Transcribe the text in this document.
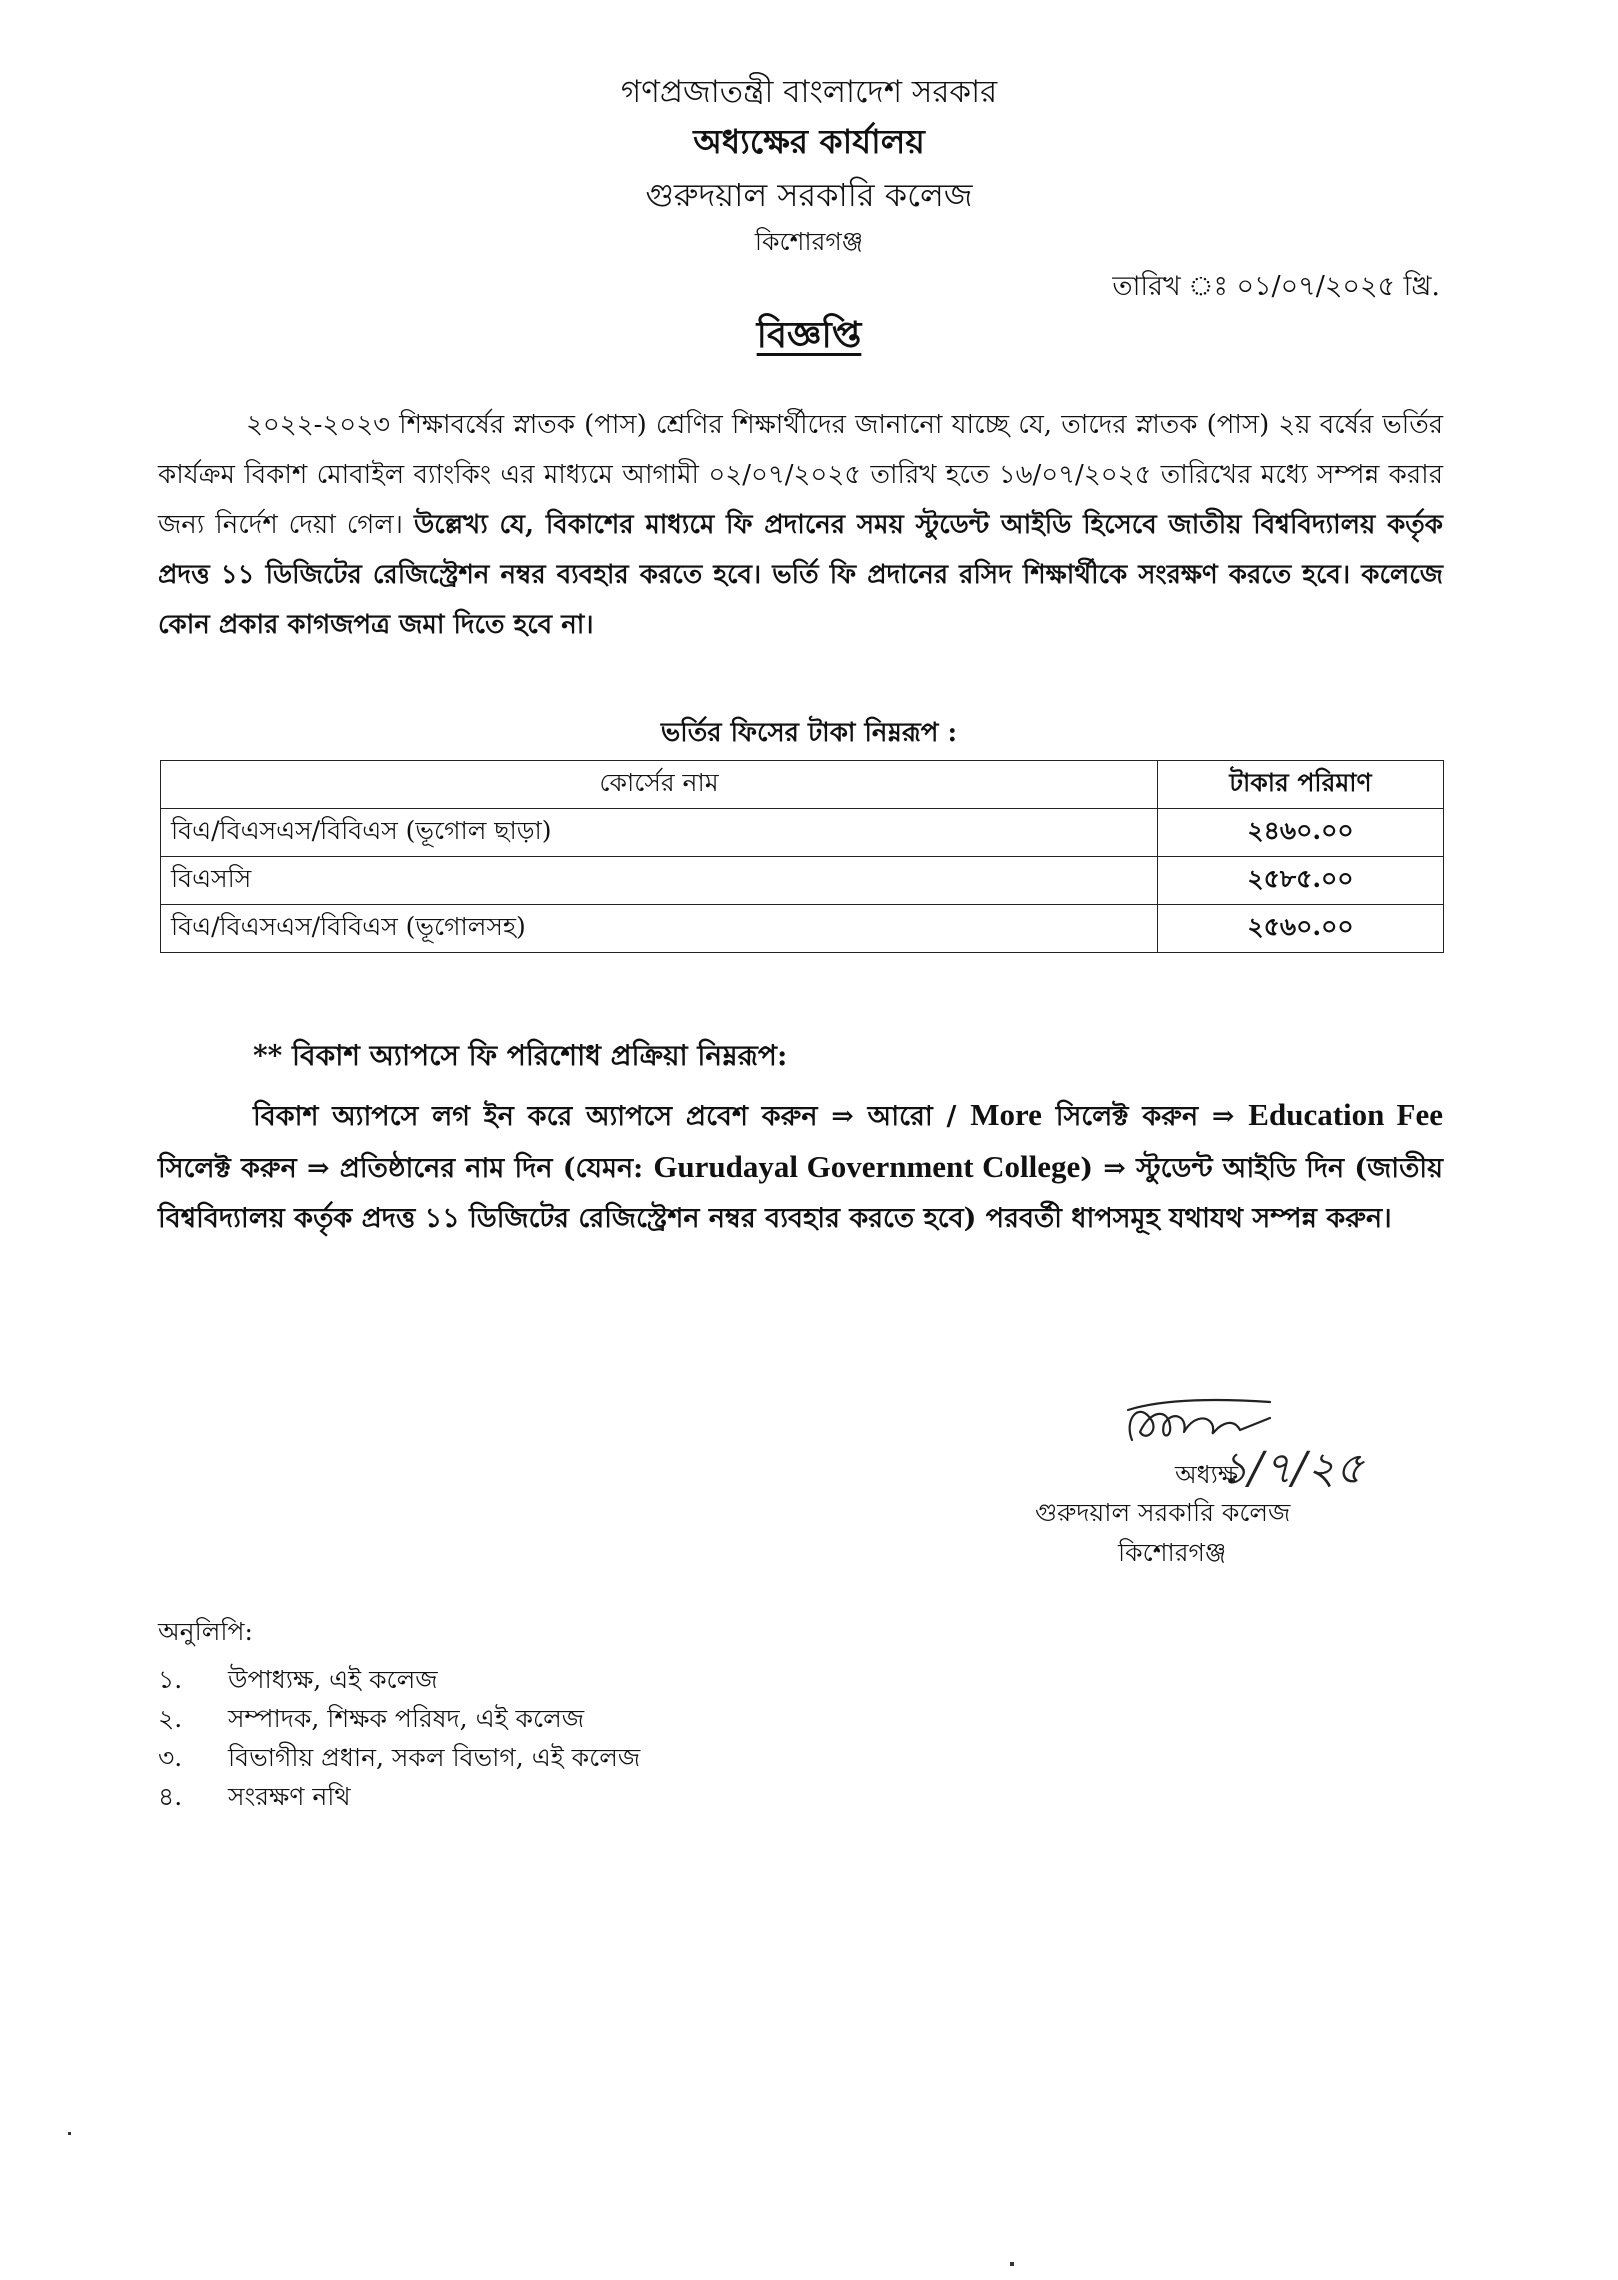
গণপ্রজাতন্ত্রী বাংলাদেশ সরকার
অধ্যক্ষের কার্যালয়
গুরুদয়াল সরকারি কলেজ
কিশোরগঞ্জ
তারিখ ঃ ০১/০৭/২০২৫ খ্রি.
বিজ্ঞপ্তি
২০২২-২০২৩ শিক্ষাবর্ষের স্নাতক (পাস) শ্রেণির শিক্ষার্থীদের জানানো যাচ্ছে যে, তাদের স্নাতক (পাস) ২য় বর্ষের ভর্তির কার্যক্রম বিকাশ মোবাইল ব্যাংকিং এর মাধ্যমে আগামী ০২/০৭/২০২৫ তারিখ হতে ১৬/০৭/২০২৫ তারিখের মধ্যে সম্পন্ন করার জন্য নির্দেশ দেয়া গেল। উল্লেখ্য যে, বিকাশের মাধ্যমে ফি প্রদানের সময় স্টুডেন্ট আইডি হিসেবে জাতীয় বিশ্ববিদ্যালয় কর্তৃক প্রদত্ত ১১ ডিজিটের রেজিস্ট্রেশন নম্বর ব্যবহার করতে হবে। ভর্তি ফি প্রদানের রসিদ শিক্ষার্থীকে সংরক্ষণ করতে হবে। কলেজে কোন প্রকার কাগজপত্র জমা দিতে হবে না।
ভর্তির ফিসের টাকা নিম্নরূপ :
কোর্সের নাম	টাকার পরিমাণ
বিএ/বিএসএস/বিবিএস (ভূগোল ছাড়া)	২৪৬০.০০
বিএসসি	২৫৮৫.০০
বিএ/বিএসএস/বিবিএস (ভূগোলসহ)	২৫৬০.০০
** বিকাশ অ্যাপসে ফি পরিশোধ প্রক্রিয়া নিম্নরূপ:
বিকাশ অ্যাপসে লগ ইন করে অ্যাপসে প্রবেশ করুন ⇒ আরো / More সিলেক্ট করুন ⇒ Education Fee সিলেক্ট করুন ⇒ প্রতিষ্ঠানের নাম দিন (যেমন: Gurudayal Government College) ⇒ স্টুডেন্ট আইডি দিন (জাতীয় বিশ্ববিদ্যালয় কর্তৃক প্রদত্ত ১১ ডিজিটের রেজিস্ট্রেশন নম্বর ব্যবহার করতে হবে) পরবর্তী ধাপসমূহ যথাযথ সম্পন্ন করুন।
১/৭/২৫
অধ্যক্ষ
গুরুদয়াল সরকারি কলেজ
কিশোরগঞ্জ
অনুলিপি:
১. উপাধ্যক্ষ, এই কলেজ
২. সম্পাদক, শিক্ষক পরিষদ, এই কলেজ
৩. বিভাগীয় প্রধান, সকল বিভাগ, এই কলেজ
৪. সংরক্ষণ নথি
